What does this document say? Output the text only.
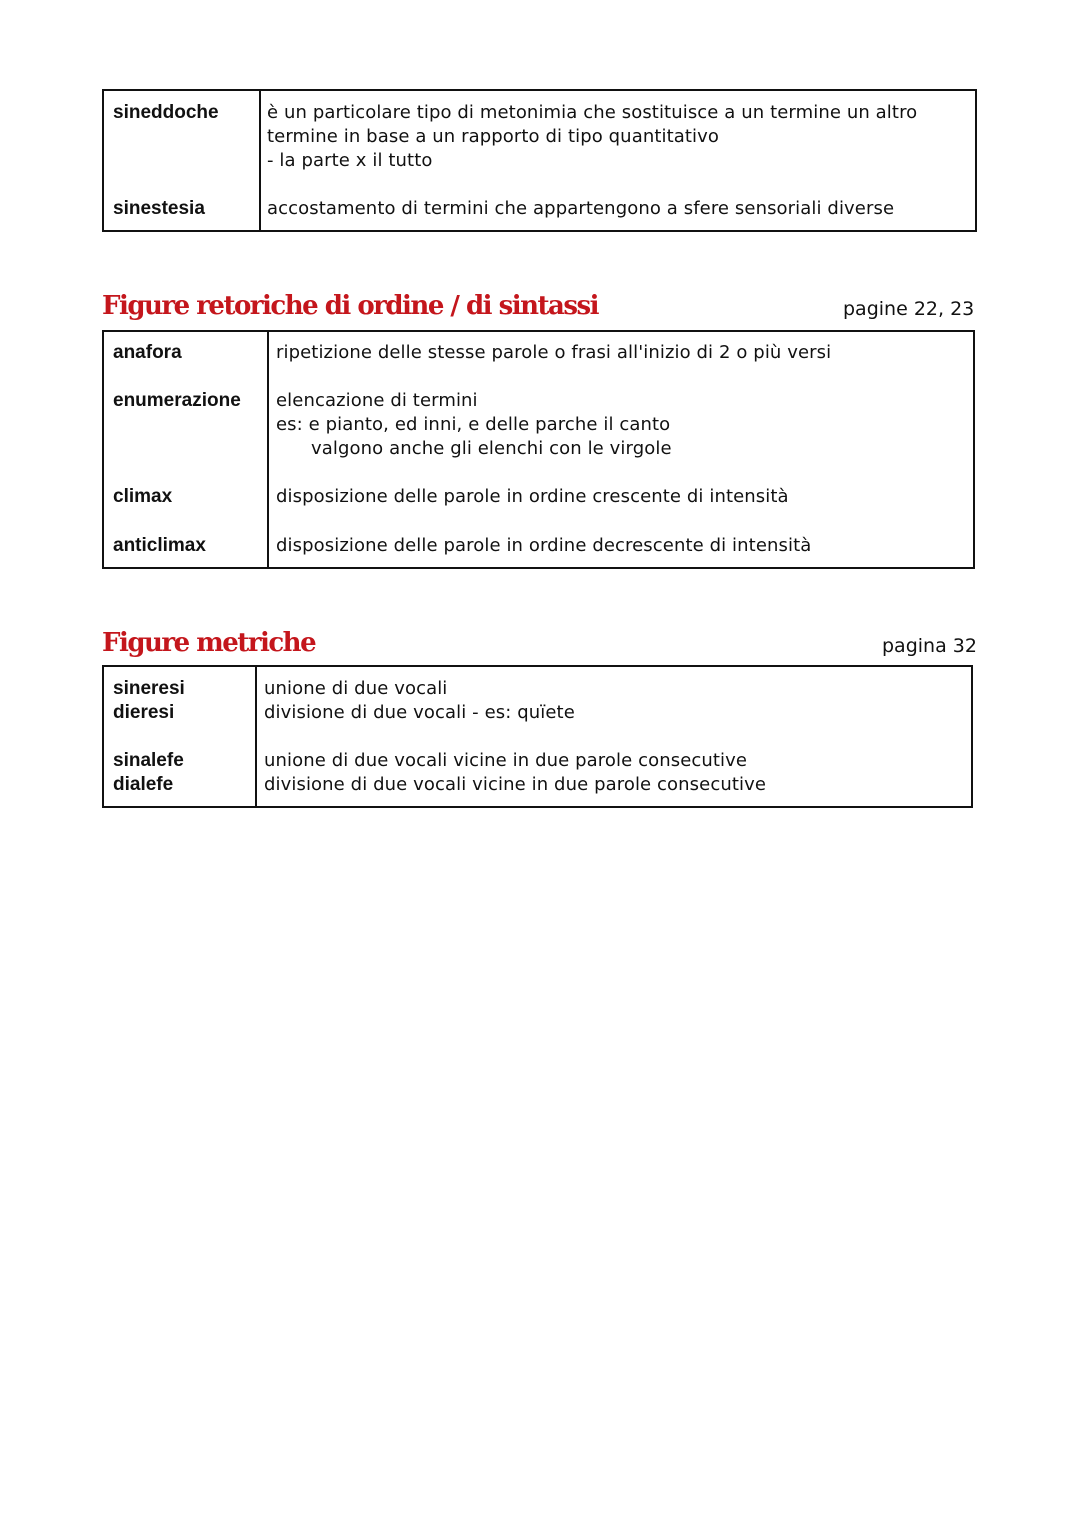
sineddoche	è un particolare tipo di metonimia che sostituisce a un termine un altro
termine in base a un rapporto di tipo quantitativo
- la parte x il tutto
sinestesia	accostamento di termini che appartengono a sfere sensoriali diverse
Figure retoriche di ordine / di sintassi	pagine 22, 23
anafora	ripetizione delle stesse parole o frasi all'inizio di 2 o più versi
enumerazione elencazione di termini
es: e pianto, ed inni, e delle parche il canto
valgono anche gli elenchi con le virgole
climax	disposizione delle parole in ordine crescente di intensità
anticlimax	disposizione delle parole in ordine decrescente di intensità
Figure metriche	pagina 32
sineresi	unione di due vocali
dieresi	divisione di due vocali - es: quïete
sinalefe	unione di due vocali vicine in due parole consecutive
dialefe	divisione di due vocali vicine in due parole consecutive
